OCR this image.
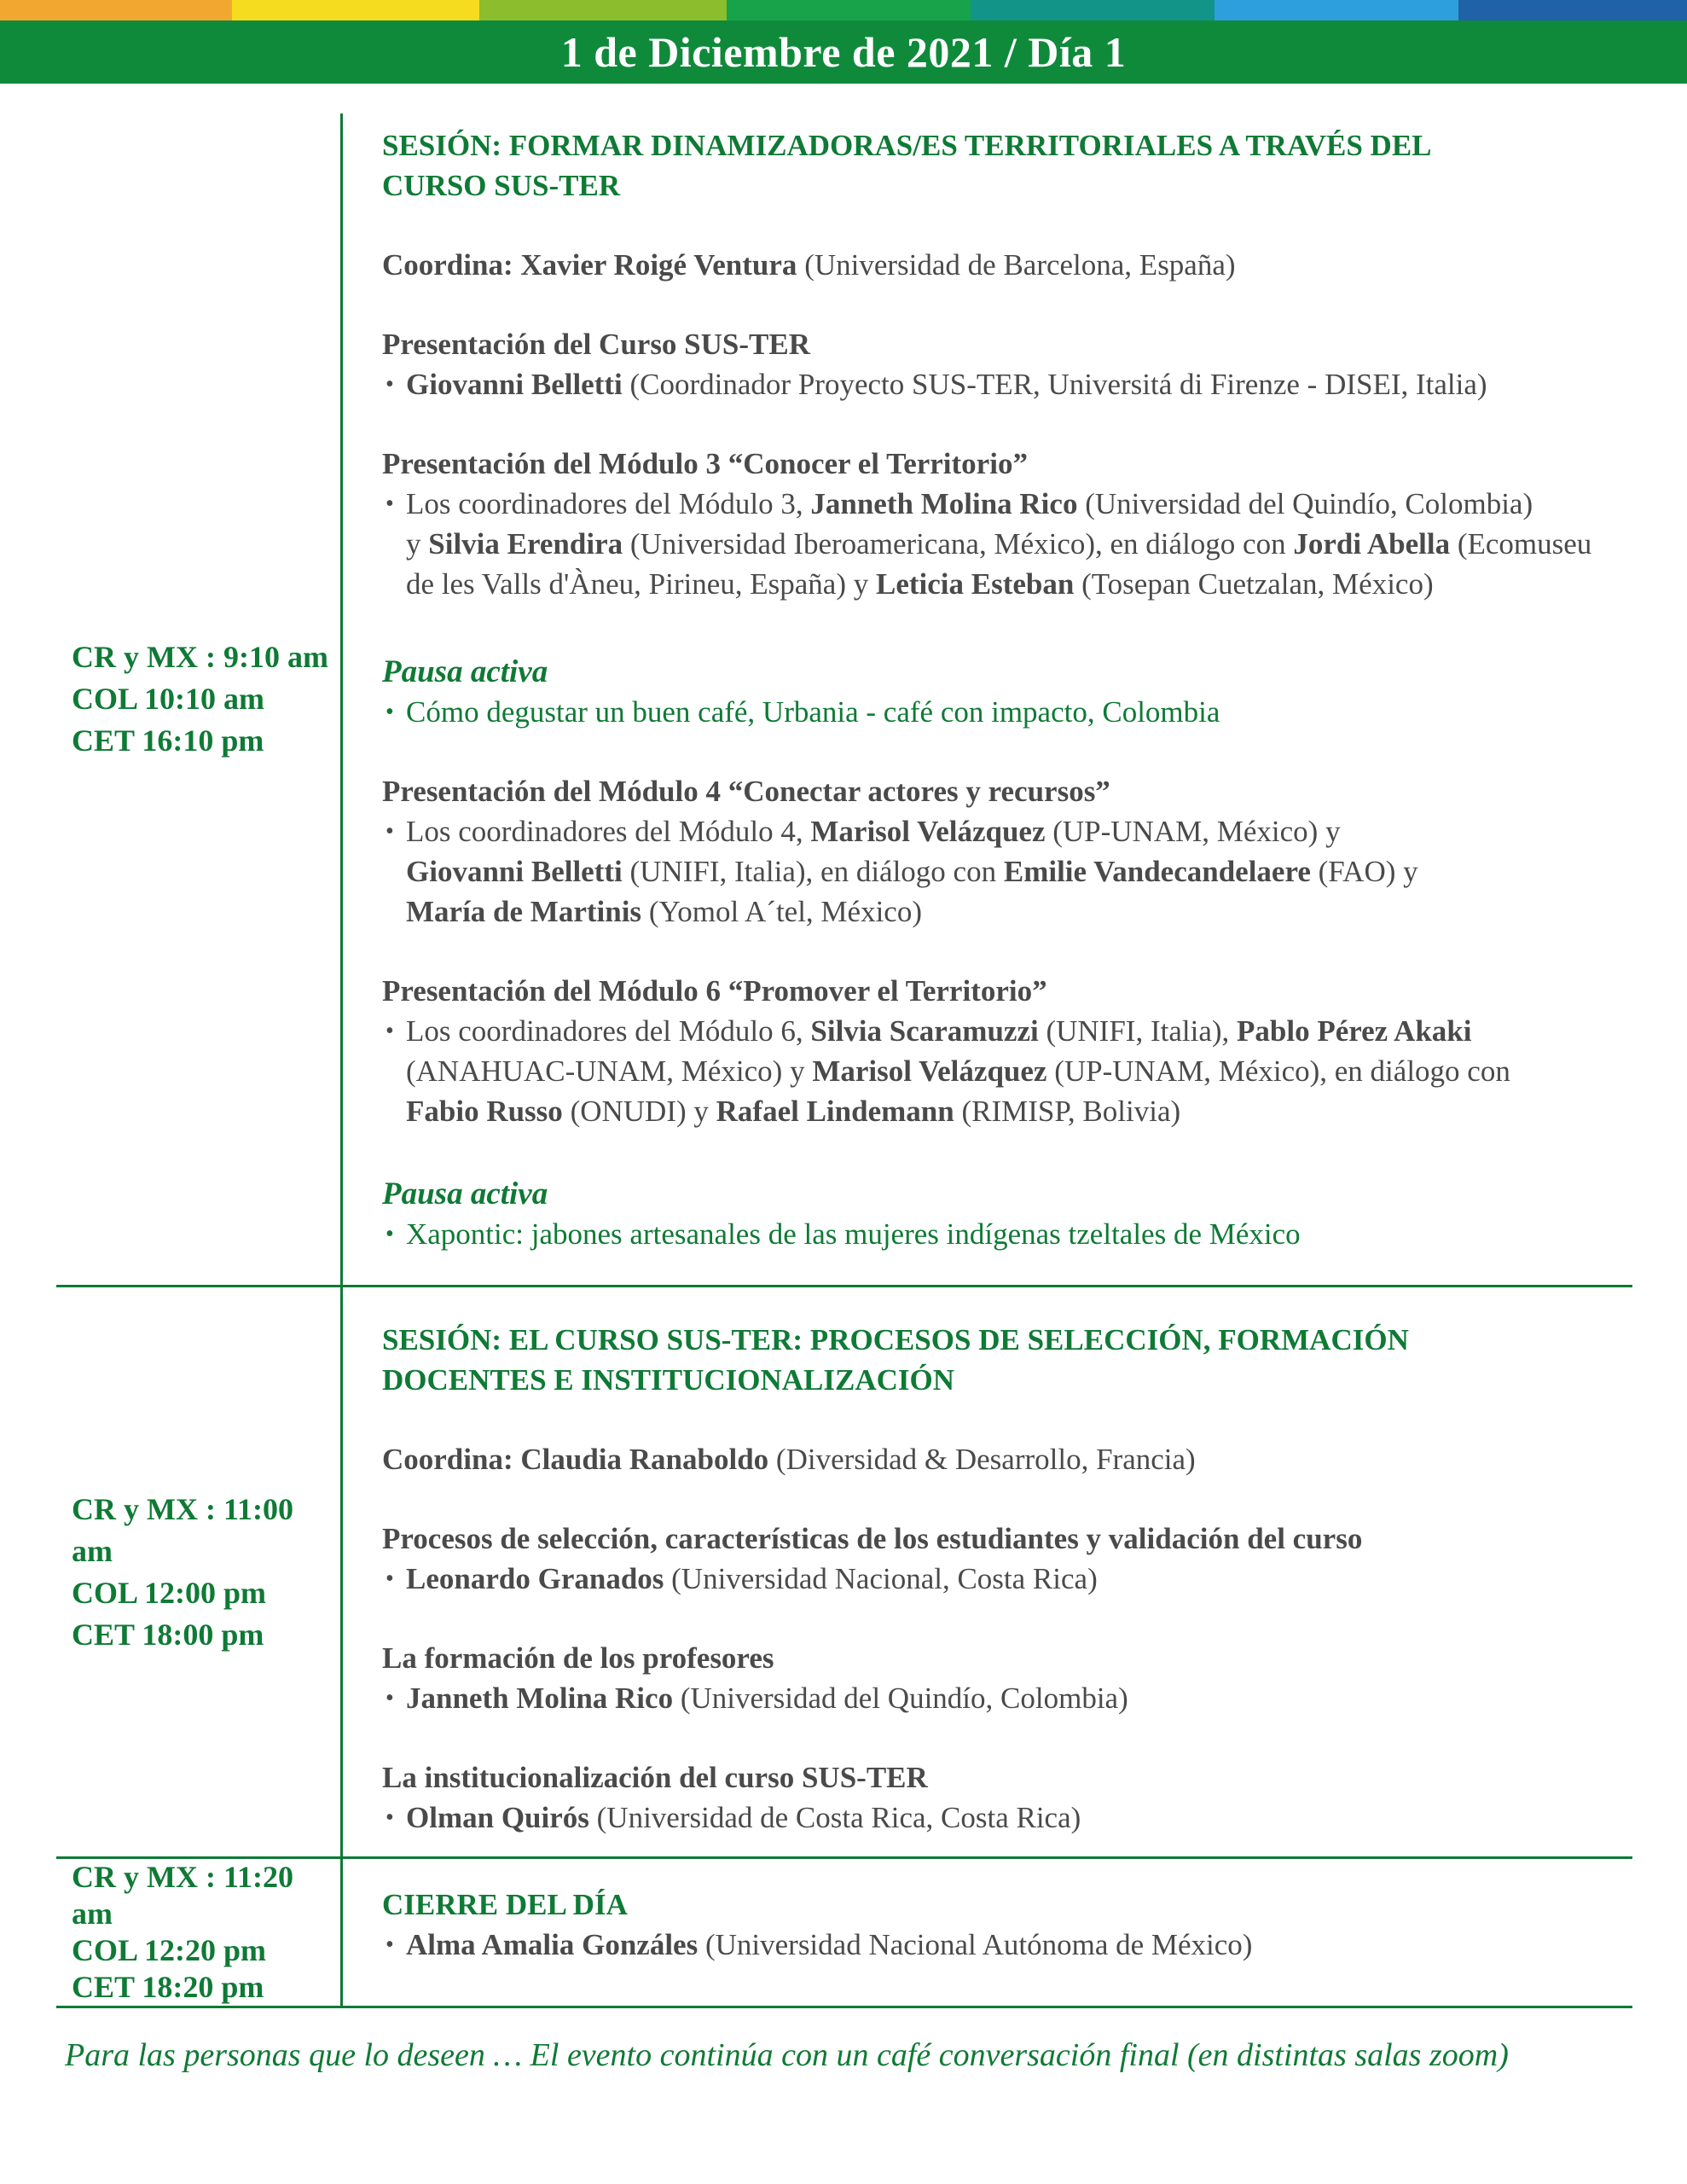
1 de Diciembre de 2021 / Día 1
CR y MX : 9:10 am
COL 10:10 am
CET 16:10 pm

SESIÓN: FORMAR DINAMIZADORAS/ES TERRITORIALES A TRAVÉS DEL
CURSO SUS-TER

Coordina: Xavier Roigé Ventura (Universidad de Barcelona, España)

Presentación del Curso SUS-TER

• Giovanni Belletti (Coordinador Proyecto SUS-TER, Universitá di Firenze - DISEI, Italia)

Presentación del Módulo 3 “Conocer el Territorio”

• Los coordinadores del Módulo 3, Janneth Molina Rico (Universidad del Quindío, Colombia)
y Silvia Erendira (Universidad Iberoamericana, México), en diálogo con Jordi Abella (Ecomuseu
de les Valls d'Àneu, Pirineu, España) y Leticia Esteban (Tosepan Cuetzalan, México)

Pausa activa

• Cómo degustar un buen café, Urbania - café con impacto, Colombia

Presentación del Módulo 4 “Conectar actores y recursos”

• Los coordinadores del Módulo 4, Marisol Velázquez (UP-UNAM, México) y
Giovanni Belletti (UNIFI, Italia), en diálogo con Emilie Vandecandelaere (FAO) y
María de Martinis (Yomol A´tel, México)

Presentación del Módulo 6 “Promover el Territorio”

• Los coordinadores del Módulo 6, Silvia Scaramuzzi (UNIFI, Italia), Pablo Pérez Akaki
(ANAHUAC-UNAM, México) y Marisol Velázquez (UP-UNAM, México), en diálogo con
Fabio Russo (ONUDI) y Rafael Lindemann (RIMISP, Bolivia)

Pausa activa

• Xapontic: jabones artesanales de las mujeres indígenas tzeltales de México
CR y MX : 11:00 am
COL 12:00 pm
CET 18:00 pm

SESIÓN: EL CURSO SUS-TER: PROCESOS DE SELECCIÓN, FORMACIÓN
DOCENTES E INSTITUCIONALIZACIÓN

Coordina: Claudia Ranaboldo (Diversidad & Desarrollo, Francia)

Procesos de selección, características de los estudiantes y validación del curso

• Leonardo Granados (Universidad Nacional, Costa Rica)

La formación de los profesores

• Janneth Molina Rico (Universidad del Quindío, Colombia)

La institucionalización del curso SUS-TER

• Olman Quirós (Universidad de Costa Rica, Costa Rica)
CR y MX : 11:20 am
COL 12:20 pm
CET 18:20 pm

CIERRE DEL DÍA

• Alma Amalia Gonzáles (Universidad Nacional Autónoma de México)
Para las personas que lo deseen … El evento continúa con un café conversación final (en distintas salas zoom)
